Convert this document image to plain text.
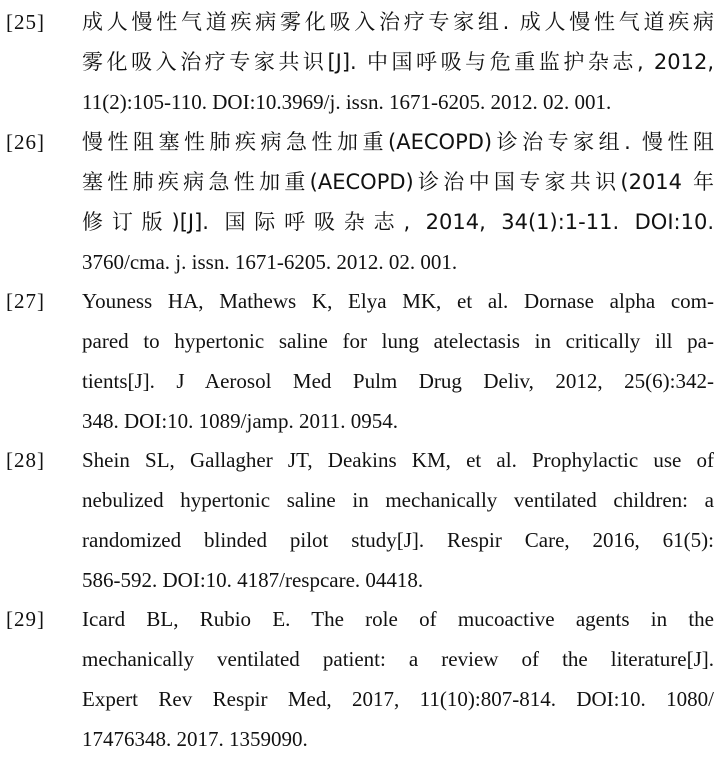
[25] 成人慢性气道疾病雾化吸入治疗专家组. 成人慢性气道疾病
雾化吸入治疗专家共识[J]. 中国呼吸与危重监护杂志, 2012,
11(2):105-110. DOI:10.3969/j. issn. 1671-6205. 2012. 02. 001.
[26] 慢性阻塞性肺疾病急性加重(AECOPD)诊治专家组. 慢性阻
塞性肺疾病急性加重(AECOPD)诊治中国专家共识(2014 年
修订版)[J]. 国际呼吸杂志, 2014, 34(1):1-11. DOI:10.
3760/cma. j. issn. 1671-6205. 2012. 02. 001.
[27] Youness HA, Mathews K, Elya MK, et al. Dornase alpha com-
pared to hypertonic saline for lung atelectasis in critically ill pa-
tients[J]. J Aerosol Med Pulm Drug Deliv, 2012, 25(6):342-
348. DOI:10. 1089/jamp. 2011. 0954.
[28] Shein SL, Gallagher JT, Deakins KM, et al. Prophylactic use of
nebulized hypertonic saline in mechanically ventilated children: a
randomized blinded pilot study[J]. Respir Care, 2016, 61(5):
586-592. DOI:10. 4187/respcare. 04418.
[29] Icard BL, Rubio E. The role of mucoactive agents in the
mechanically ventilated patient: a review of the literature[J].
Expert Rev Respir Med, 2017, 11(10):807-814. DOI:10. 1080/
17476348. 2017. 1359090.
